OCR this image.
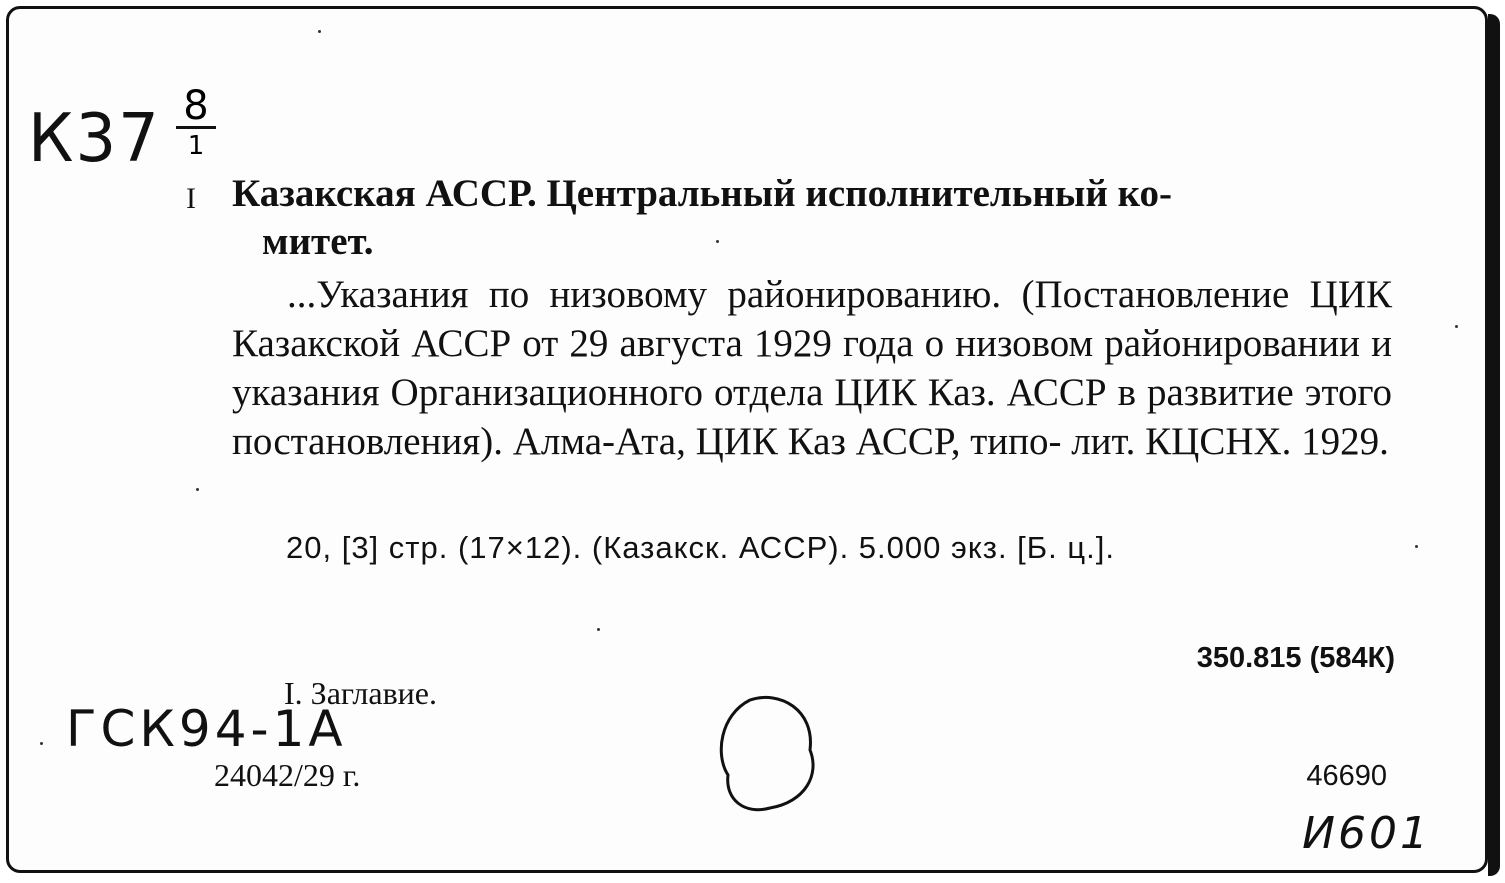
К37 8
1
I Казакская АССР. Центральный исполнительный ко-
митет.

...Указания по низовому районированию. (Постановление ЦИК Казакской АССР от 29 августа 1929 года о низовом районировании и указания Организационного отдела ЦИК Каз. АССР в развитие этого постановления). Алма-Ата, ЦИК Каз АССР, типо- лит. КЦСНХ. 1929.

20, [3] стр. (17×12). (Казакск. АССР). 5.000 экз. [Б. ц.].
350.815 (584К)
I. Заглавие.
ГСК94-1А
24042/29 г.	46690
И601
